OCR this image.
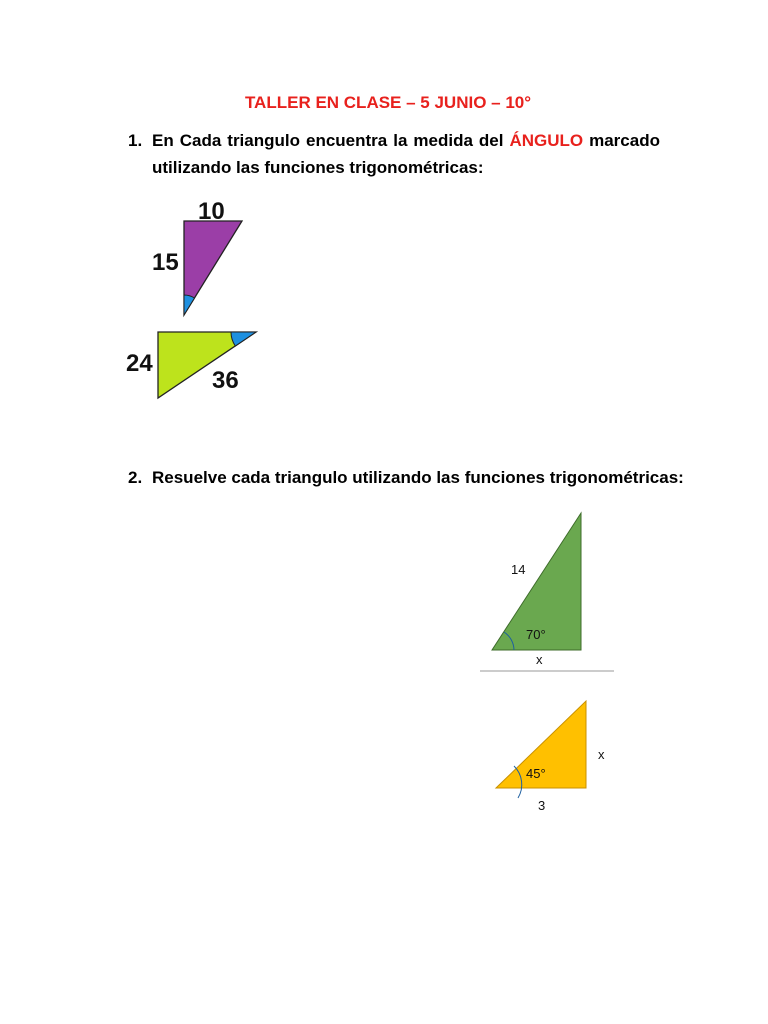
TALLER EN CLASE – 5 JUNIO – 10°
1. En Cada triangulo encuentra la medida del ÁNGULO marcado
utilizando las funciones trigonométricas:
10
15
24
36
2. Resuelve cada triangulo utilizando las funciones trigonométricas:
14
70°
x
x
45°
3
